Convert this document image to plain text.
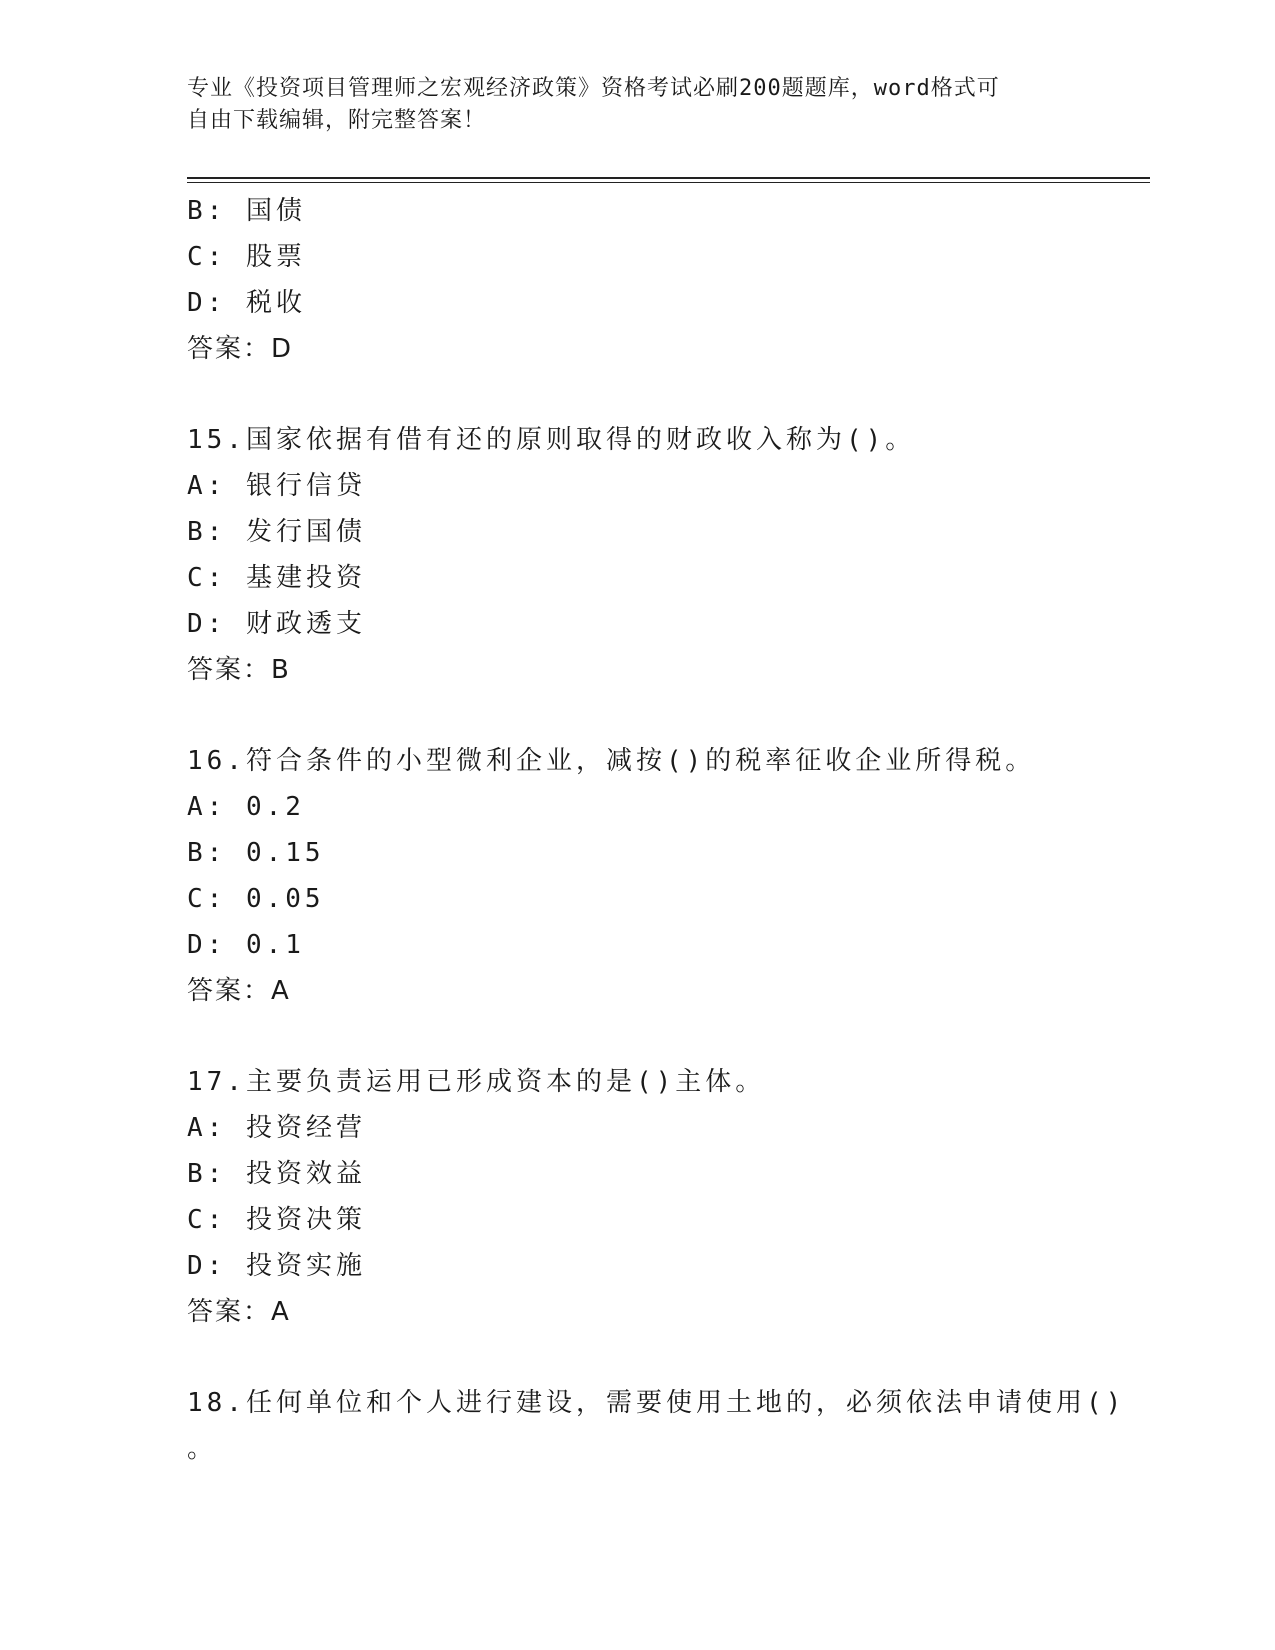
专业《投资项目管理师之宏观经济政策》资格考试必刷200题题库，word格式可
自由下载编辑，附完整答案！
B: 国债
C: 股票
D: 税收
答案：D
15.国家依据有借有还的原则取得的财政收入称为()。
A: 银行信贷
B: 发行国债
C: 基建投资
D: 财政透支
答案：B
16.符合条件的小型微利企业，减按()的税率征收企业所得税。
A: 0.2
B: 0.15
C: 0.05
D: 0.1
答案：A
17.主要负责运用已形成资本的是()主体。
A: 投资经营
B: 投资效益
C: 投资决策
D: 投资实施
答案：A
18.任何单位和个人进行建设，需要使用土地的，必须依法申请使用()
。
